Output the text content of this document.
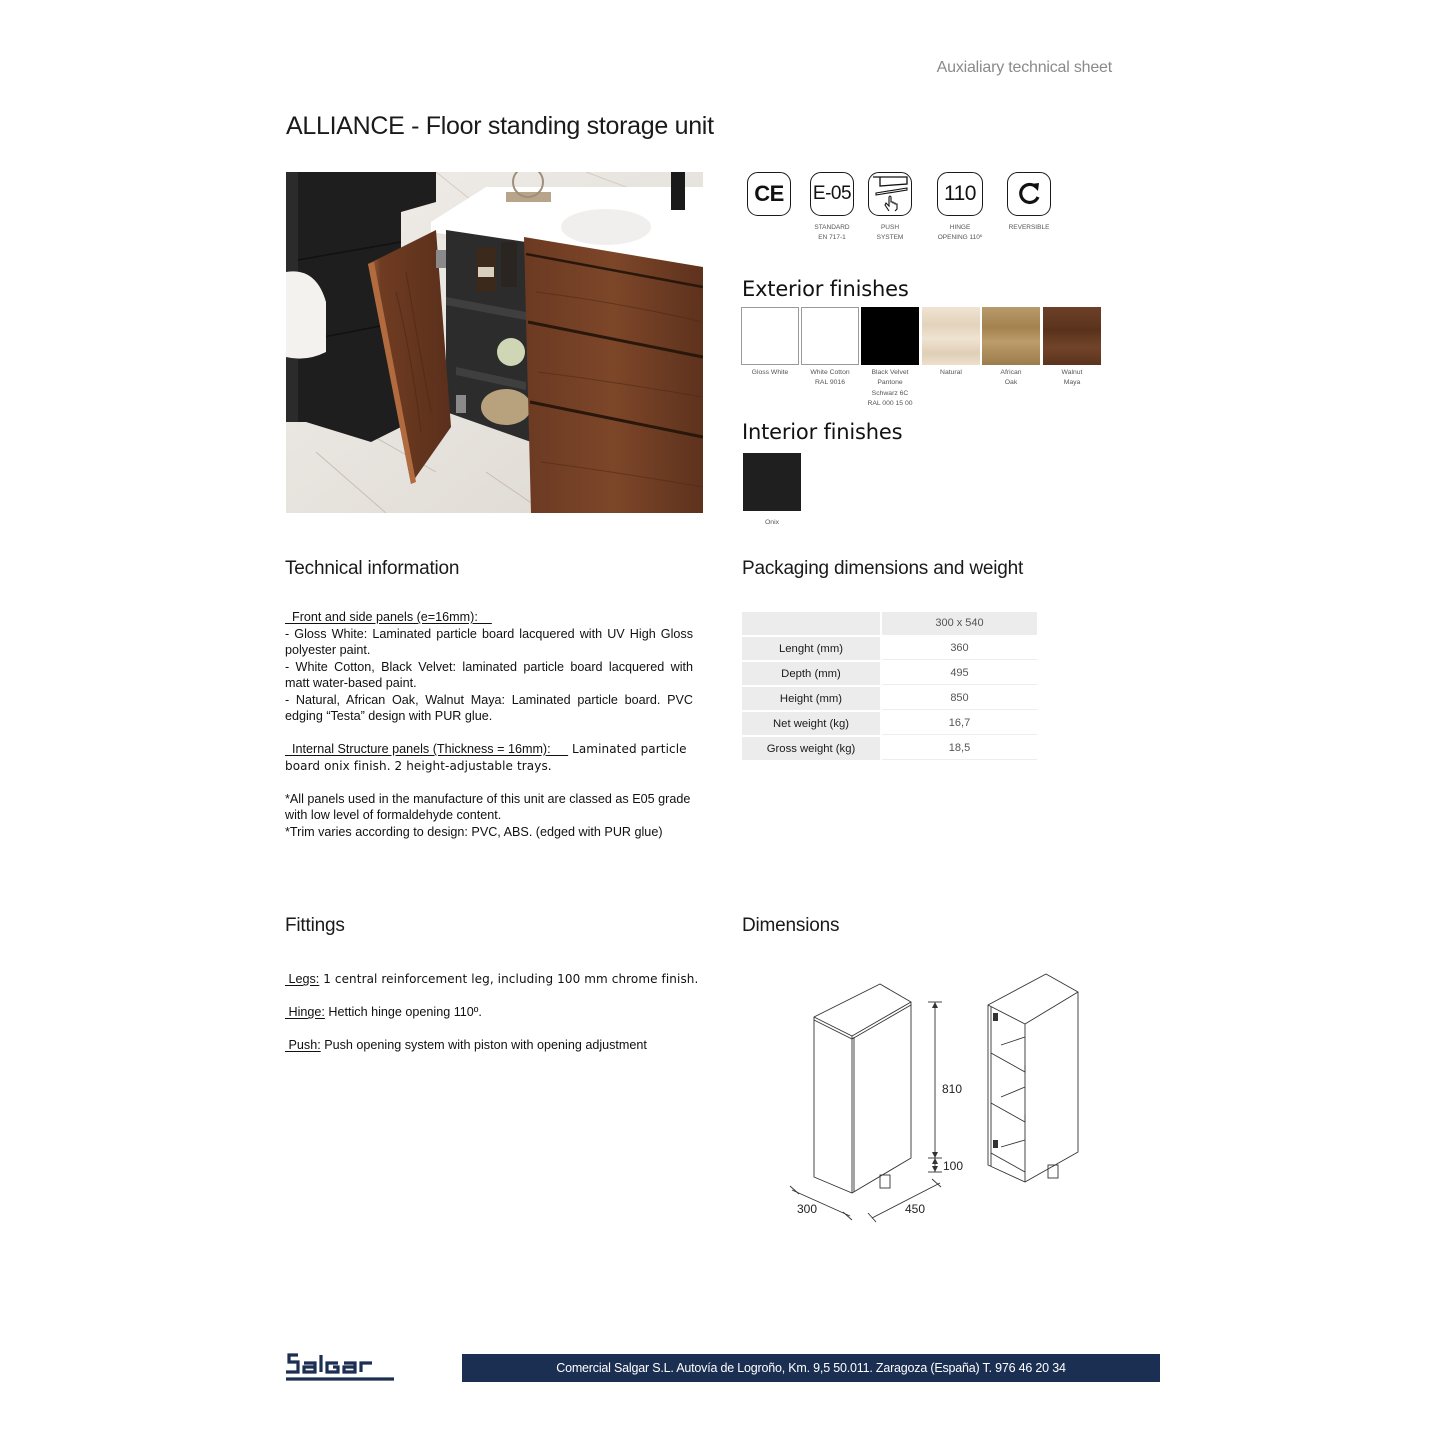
Auxialiary technical sheet
ALLIANCE - Floor standing storage unit
CE E-05
STANDARD
EN 717-1
PUSH
SYSTEM
110
HINGE
OPENING 110º
REVERSIBLE
Exterior finishes
Gloss White	White Cotton
RAL 9016
Black Velvet
Pantone
Schwarz 6C
RAL 000 15 00
Natural	African
Oak
Walnut
Maya
Interior finishes
Onix
Technical information

Front and side panels (e=16mm):

- Gloss White: Laminated particle board lacquered with UV High Gloss polyester paint.

- White Cotton, Black Velvet: laminated particle board lacquered with matt water-based paint.

- Natural, African Oak, Walnut Maya: Laminated particle board. PVC edging “Testa” design with PUR glue.

Internal Structure panels (Thickness = 16mm):      Laminated particle board onix finish. 2 height-adjustable trays.

*All panels used in the manufacture of this unit are classed as E05 grade with low level of formaldehyde content.

*Trim varies according to design: PVC, ABS. (edged with PUR glue)

Packaging dimensions and weight
	300 x 540
Lenght (mm)	360
Depth (mm)	495
Height (mm)	850
Net weight (kg)	16,7
Gross weight (kg)	18,5
Fittings

Legs: 1 central reinforcement leg, including 100 mm chrome finish.

Hinge: Hettich hinge opening 110º.

Push: Push opening system with piston with opening adjustment

Dimensions
810
100
300	450
Salgar
Comercial Salgar S.L. Autovía de Logroño, Km. 9,5 50.011. Zaragoza (España) T. 976 46 20 34
